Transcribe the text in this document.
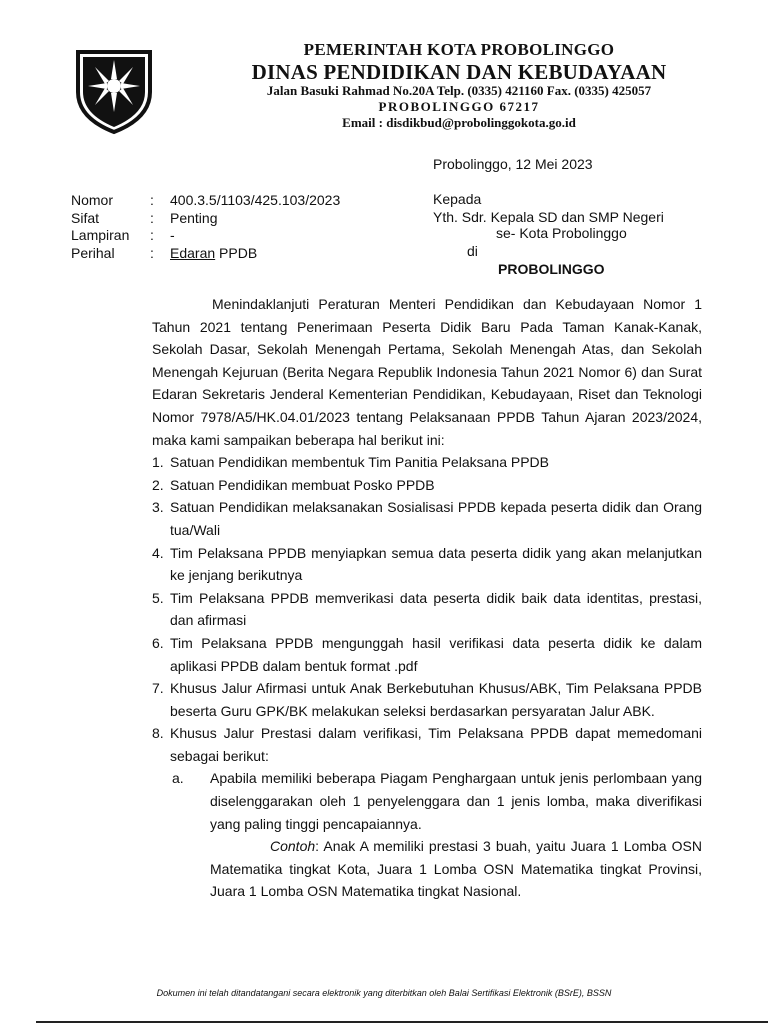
PEMERINTAH KOTA PROBOLINGGO
DINAS PENDIDIKAN DAN KEBUDAYAAN
Jalan Basuki Rahmad No.20A Telp. (0335) 421160 Fax. (0335) 425057
PROBOLINGGO 67217
Email : disdikbud@probolinggokota.go.id
Probolinggo, 12 Mei 2023
Kepada
Yth. Sdr. Kepala SD dan SMP Negeri
se- Kota Probolinggo
di
PROBOLINGGO
Nomor	: 400.3.5/1103/425.103/2023
Sifat	: Penting
Lampiran : -
Perihal	: Edaran PPDB

Menindaklanjuti Peraturan Menteri Pendidikan dan Kebudayaan Nomor 1 Tahun 2021 tentang Penerimaan Peserta Didik Baru Pada Taman Kanak-Kanak, Sekolah Dasar, Sekolah Menengah Pertama, Sekolah Menengah Atas, dan Sekolah Menengah Kejuruan (Berita Negara Republik Indonesia Tahun 2021 Nomor 6) dan Surat Edaran Sekretaris Jenderal Kementerian Pendidikan, Kebudayaan, Riset dan Teknologi Nomor 7978/A5/HK.04.01/2023 tentang Pelaksanaan PPDB Tahun Ajaran 2023/2024, maka kami sampaikan beberapa hal berikut ini:

1. Satuan Pendidikan membentuk Tim Panitia Pelaksana PPDB
2. Satuan Pendidikan membuat Posko PPDB
3. Satuan Pendidikan melaksanakan Sosialisasi PPDB kepada peserta didik dan Orang tua/Wali
4. Tim Pelaksana PPDB menyiapkan semua data peserta didik yang akan melanjutkan ke jenjang berikutnya
5. Tim Pelaksana PPDB memverikasi data peserta didik baik data identitas, prestasi, dan afirmasi
6. Tim Pelaksana PPDB mengunggah hasil verifikasi data peserta didik ke dalam aplikasi PPDB dalam bentuk format .pdf
7. Khusus Jalur Afirmasi untuk Anak Berkebutuhan Khusus/ABK, Tim Pelaksana PPDB beserta Guru GPK/BK melakukan seleksi berdasarkan persyaratan Jalur ABK.
8. Khusus Jalur Prestasi dalam verifikasi, Tim Pelaksana PPDB dapat memedomani sebagai berikut:
a. Apabila memiliki beberapa Piagam Penghargaan untuk jenis perlombaan yang diselenggarakan oleh 1 penyelenggara dan 1 jenis lomba, maka diverifikasi yang paling tinggi pencapaiannya.

Contoh: Anak A memiliki prestasi 3 buah, yaitu Juara 1 Lomba OSN Matematika tingkat Kota, Juara 1 Lomba OSN Matematika tingkat Provinsi, Juara 1 Lomba OSN Matematika tingkat Nasional.

Dokumen ini telah ditandatangani secara elektronik yang diterbitkan oleh Balai Sertifikasi Elektronik (BSrE), BSSN
